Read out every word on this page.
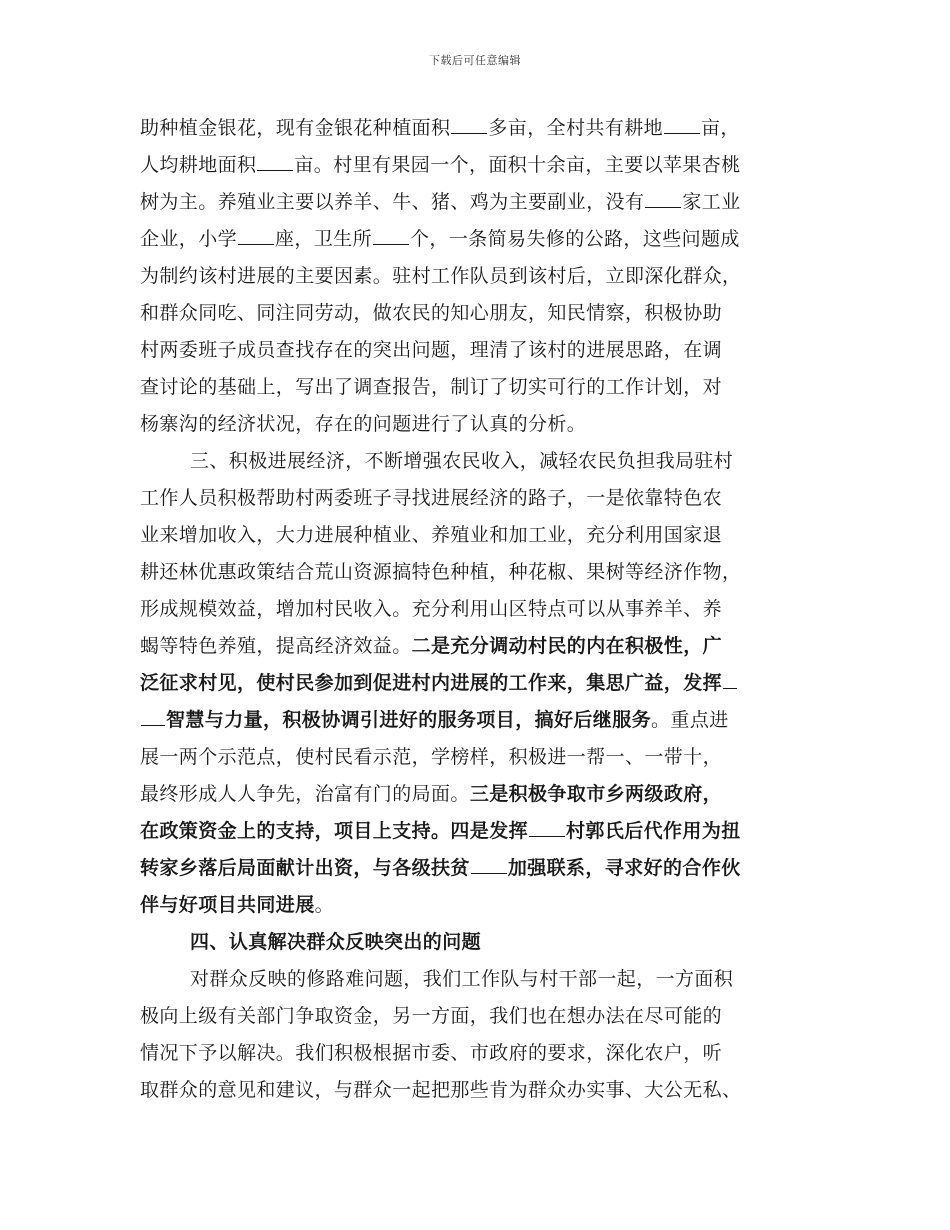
下载后可任意编辑
助种植金银花，现有金银花种植面积 多亩，全村共有耕地 亩，
人均耕地面积 亩。村里有果园一个，面积十余亩，主要以苹果杏桃
树为主。养殖业主要以养羊、牛、猪、鸡为主要副业，没有 家工业
企业，小学 座，卫生所 个，一条简易失修的公路，这些问题成
为制约该村进展的主要因素。驻村工作队员到该村后，立即深化群众，
和群众同吃、同注同劳动，做农民的知心朋友，知民情察，积极协助
村两委班子成员查找存在的突出问题，理清了该村的进展思路，在调
查讨论的基础上，写出了调查报告，制订了切实可行的工作计划，对
杨寨沟的经济状况，存在的问题进行了认真的分析。
三、积极进展经济，不断增强农民收入，减轻农民负担我局驻村
工作人员积极帮助村两委班子寻找进展经济的路子，一是依靠特色农
业来增加收入，大力进展种植业、养殖业和加工业，充分利用国家退
耕还林优惠政策结合荒山资源搞特色种植，种花椒、果树等经济作物，
形成规模效益，增加村民收入。充分利用山区特点可以从事养羊、养
蝎等特色养殖，提高经济效益。二是充分调动村民的内在积极性，广
泛征求村见，使村民参加到促进村内进展的工作来，集思广益，发挥
智慧与力量，积极协调引进好的服务项目，搞好后继服务。重点进
展一两个示范点，使村民看示范，学榜样，积极进一帮一、一带十，
最终形成人人争先，治富有门的局面。三是积极争取市乡两级政府，
在政策资金上的支持，项目上支持。四是发挥 村郭氏后代作用为扭
转家乡落后局面献计出资，与各级扶贫 加强联系，寻求好的合作伙
伴与好项目共同进展。
四、认真解决群众反映突出的问题
对群众反映的修路难问题，我们工作队与村干部一起，一方面积
极向上级有关部门争取资金，另一方面，我们也在想办法在尽可能的
情况下予以解决。我们积极根据市委、市政府的要求，深化农户，听
取群众的意见和建议，与群众一起把那些肯为群众办实事、大公无私、
